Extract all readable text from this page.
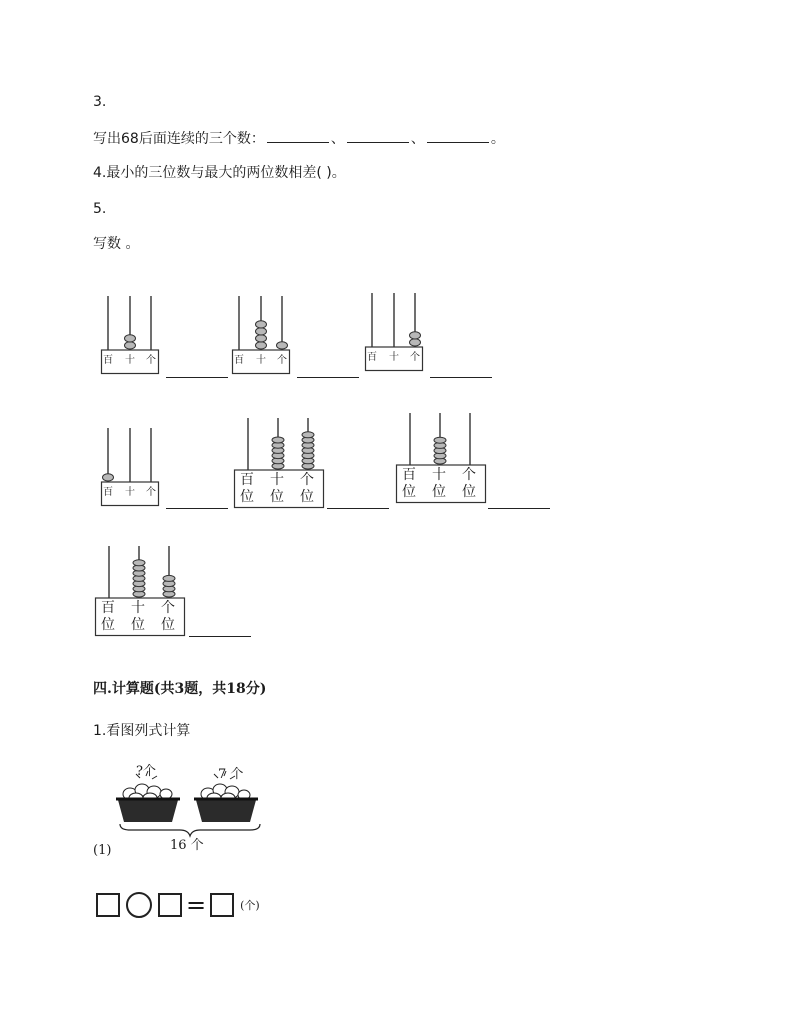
3.
写出68后面连续的三个数：	、	、	。
4.最小的三位数与最大的两位数相差( )。
5.
写数 。
百 十 个	百 十 个	百 十 个
百 十 个
百
位
十
位
个
位
百
位
十
位
个
位
百
位
十
位
个
位
四.计算题(共3题，共18分)
1.看图列式计算
?个	7 个
16 个
(1)
=	(个)
